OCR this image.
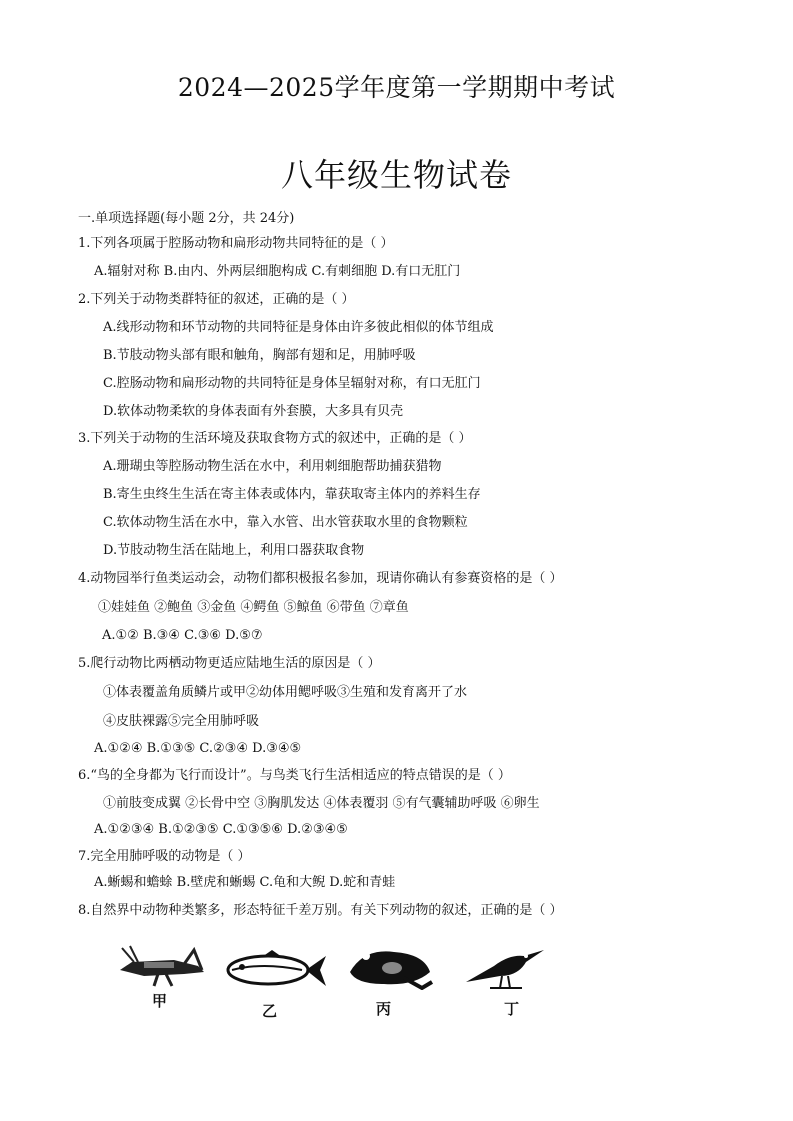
2024—2025学年度第一学期期中考试
八年级生物试卷
一.单项选择题(每小题 2分，共 24分)
1.下列各项属于腔肠动物和扁形动物共同特征的是（ ）
A.辐射对称 B.由内、外两层细胞构成 C.有刺细胞 D.有口无肛门
2.下列关于动物类群特征的叙述，正确的是（ ）
A.线形动物和环节动物的共同特征是身体由许多彼此相似的体节组成
B.节肢动物头部有眼和触角，胸部有翅和足，用肺呼吸
C.腔肠动物和扁形动物的共同特征是身体呈辐射对称，有口无肛门
D.软体动物柔软的身体表面有外套膜，大多具有贝壳
3.下列关于动物的生活环境及获取食物方式的叙述中，正确的是（ ）
A.珊瑚虫等腔肠动物生活在水中，利用刺细胞帮助捕获猎物
B.寄生虫终生生活在寄主体表或体内，靠获取寄主体内的养料生存
C.软体动物生活在水中，靠入水管、出水管获取水里的食物颗粒
D.节肢动物生活在陆地上，利用口器获取食物
4.动物园举行鱼类运动会，动物们都积极报名参加，现请你确认有参赛资格的是（ ）
①娃娃鱼 ②鲍鱼 ③金鱼 ④鳄鱼 ⑤鲸鱼 ⑥带鱼 ⑦章鱼
A.①② B.③④ C.③⑥ D.⑤⑦
5.爬行动物比两栖动物更适应陆地生活的原因是（ ）
①体表覆盖角质鳞片或甲②幼体用鳃呼吸③生殖和发育离开了水
④皮肤裸露⑤完全用肺呼吸
A.①②④ B.①③⑤ C.②③④ D.③④⑤
6.“鸟的全身都为飞行而设计”。与鸟类飞行生活相适应的特点错误的是（ ）
①前肢变成翼 ②长骨中空 ③胸肌发达 ④体表覆羽 ⑤有气囊辅助呼吸 ⑥卵生
A.①②③④ B.①②③⑤ C.①③⑤⑥ D.②③④⑤
7.完全用肺呼吸的动物是（ ）
A.蜥蜴和蟾蜍 B.壁虎和蜥蜴 C.龟和大鲵 D.蛇和青蛙
8.自然界中动物种类繁多，形态特征千差万别。有关下列动物的叙述，正确的是（ ）
甲
乙	丙	丁
